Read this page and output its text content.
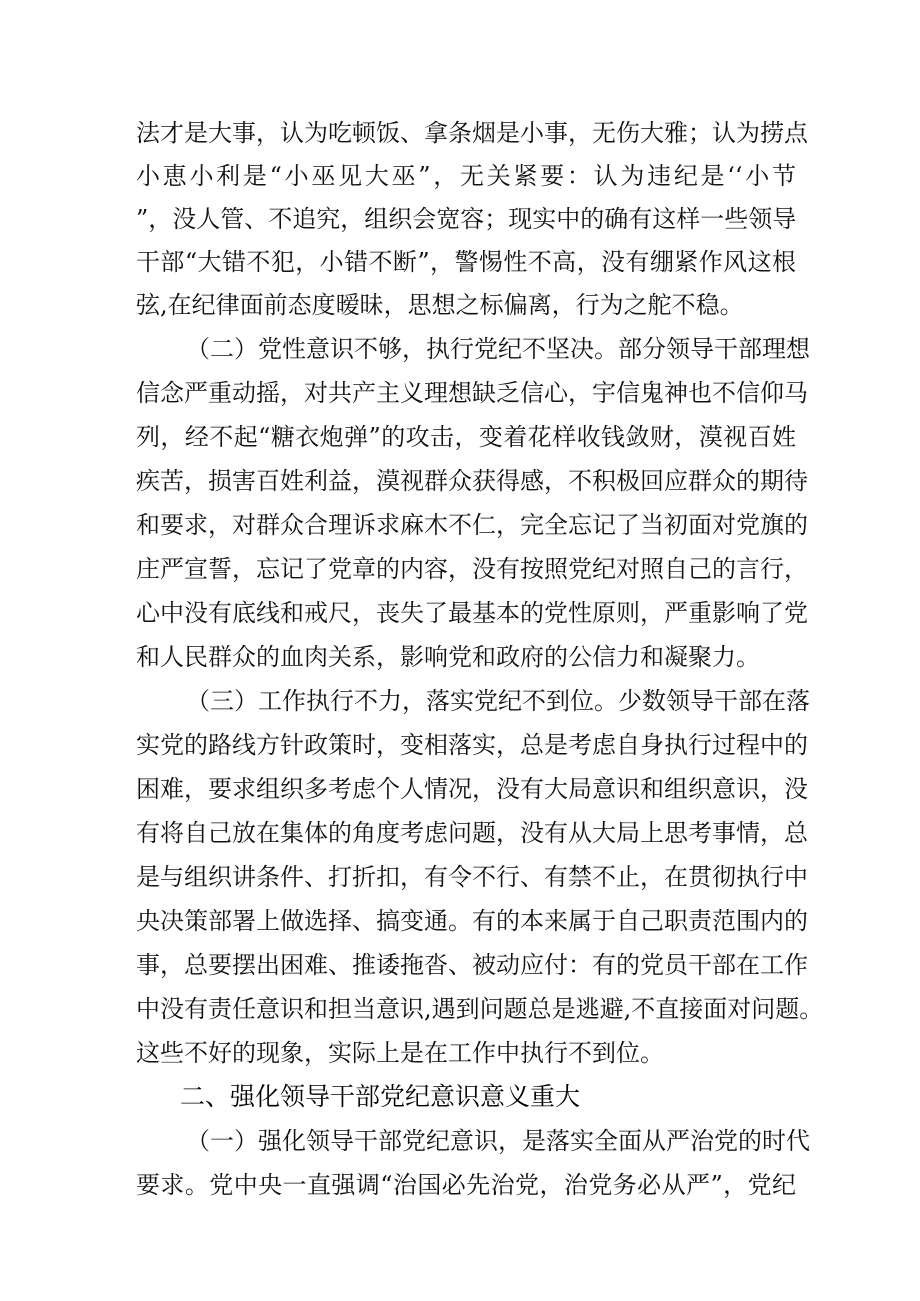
法才是大事，认为吃顿饭、拿条烟是小事，无伤大雅；认为捞点
小恵小利是“小巫见大巫”，无关紧要：认为违纪是‘‘小节
”，没人管、不追究，组织会宽容；现实中的确有这样一些领导
干部“大错不犯，小错不断”，警惕性不高，没有绷紧作风这根
弦,在纪律面前态度暧昧，思想之标偏离，行为之舵不稳。
（二）党性意识不够，执行党纪不坚决。部分领导干部理想
信念严重动摇，对共产主义理想缺乏信心，宇信鬼神也不信仰马
列，经不起“糖衣炮弹”的攻击，变着花样收钱敛财，漠视百姓
疾苦，损害百姓利益，漠视群众获得感，不积极回应群众的期待
和要求，对群众合理诉求麻木不仁，完全忘记了当初面对党旗的
庄严宣誓，忘记了党章的内容，没有按照党纪对照自己的言行，
心中没有底线和戒尺，丧失了最基本的党性原则，严重影响了党
和人民群众的血肉关系，影响党和政府的公信力和凝聚力。
（三）工作执行不力，落实党纪不到位。少数领导干部在落
实党的路线方针政策时，变相落实，总是考虑自身执行过程中的
困难，要求组织多考虑个人情况，没有大局意识和组织意识，没
有将自己放在集体的角度考虑问题，没有从大局上思考事情，总
是与组织讲条件、打折扣，有令不行、有禁不止，在贯彻执行中
央决策部署上做选择、搞变通。有的本来属于自己职责范围内的
事，总要摆出困难、推诿拖沓、被动应付：有的党员干部在工作
中没有责任意识和担当意识,遇到问题总是逃避,不直接面对问题。
这些不好的现象，实际上是在工作中执行不到位。
二、强化领导干部党纪意识意义重大
（一）强化领导干部党纪意识，是落实全面从严治党的时代
要求。党中央一直强调“治国必先治党，治党务必从严”，党纪
